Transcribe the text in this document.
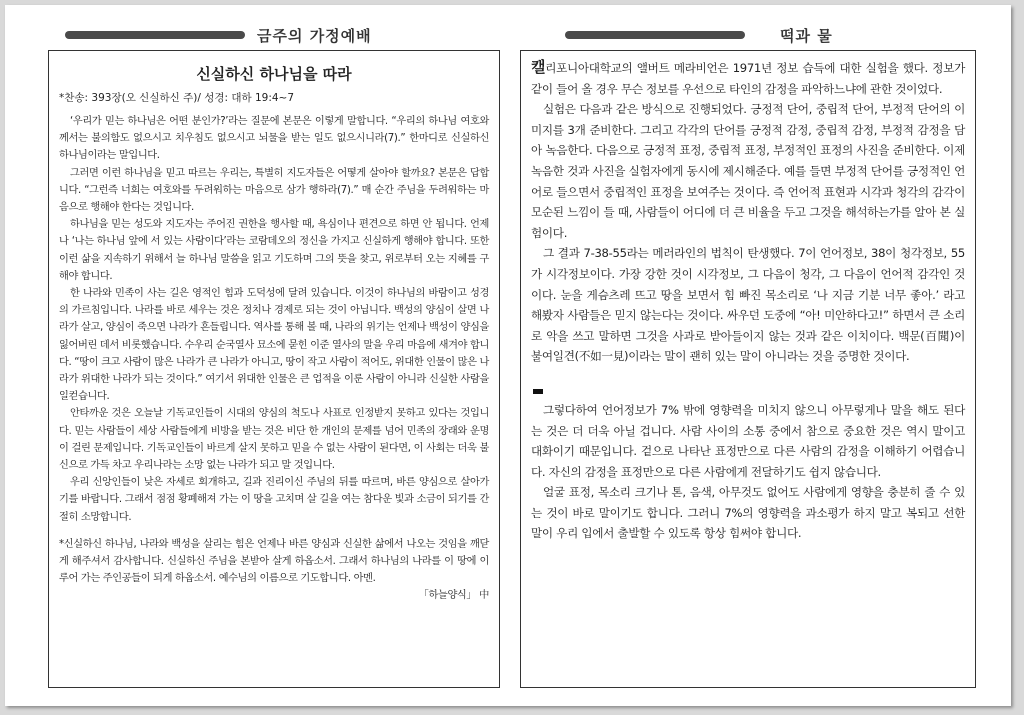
금주의 가정예배	떡과 물
신실하신 하나님을 따라
*찬송: 393장(오 신실하신 주)/ 성경: 대하 19:4~7

‘우리가 믿는 하나님은 어떤 분인가?’라는 질문에 본문은 이렇게 말합니다. “우리의 하나님 여호와께서는 불의함도 없으시고 치우침도 없으시고 뇌물을 받는 일도 없으시니라(7).” 한마디로 신실하신 하나님이라는 말입니다.

그러면 이런 하나님을 믿고 따르는 우리는, 특별히 지도자들은 어떻게 살아야 할까요? 본문은 답합니다. “그런즉 너희는 여호와를 두려워하는 마음으로 삼가 행하라(7).” 매 순간 주님을 두려워하는 마음으로 행해야 한다는 것입니다.

하나님을 믿는 성도와 지도자는 주어진 권한을 행사할 때, 욕심이나 편견으로 하면 안 됩니다. 언제나 ‘나는 하나님 앞에 서 있는 사람이다’라는 코람데오의 정신을 가지고 신실하게 행해야 합니다. 또한 이런 삶을 지속하기 위해서 늘 하나님 말씀을 읽고 기도하며 그의 뜻을 찾고, 위로부터 오는 지혜를 구해야 합니다.

한 나라와 민족이 사는 길은 영적인 힘과 도덕성에 달려 있습니다. 이것이 하나님의 바람이고 성경의 가르침입니다. 나라를 바로 세우는 것은 정치나 경제로 되는 것이 아닙니다. 백성의 양심이 살면 나라가 살고, 양심이 죽으면 나라가 흔들립니다. 역사를 통해 볼 때, 나라의 위기는 언제나 백성이 양심을 잃어버린 데서 비롯했습니다. 수우리 순국열사 묘소에 묻힌 이준 열사의 말을 우리 마음에 새겨야 합니다. “땅이 크고 사람이 많은 나라가 큰 나라가 아니고, 땅이 작고 사람이 적어도, 위대한 인물이 많은 나라가 위대한 나라가 되는 것이다.” 여기서 위대한 인물은 큰 업적을 이룬 사람이 아니라 신실한 사람을 일컫습니다.

안타까운 것은 오늘날 기독교인들이 시대의 양심의 척도나 사표로 인정받지 못하고 있다는 것입니다. 믿는 사람들이 세상 사람들에게 비방을 받는 것은 비단 한 개인의 문제를 넘어 민족의 장래와 운명이 걸린 문제입니다. 기독교인들이 바르게 살지 못하고 믿을 수 없는 사람이 된다면, 이 사회는 더욱 불신으로 가득 차고 우리나라는 소망 없는 나라가 되고 말 것입니다.

우리 신앙인들이 낮은 자세로 회개하고, 길과 진리이신 주님의 뒤를 따르며, 바른 양심으로 살아가기를 바랍니다. 그래서 점점 황폐해져 가는 이 땅을 고치며 살 길을 여는 참다운 빛과 소금이 되기를 간절히 소망합니다.

*신실하신 하나님, 나라와 백성을 살리는 힘은 언제나 바른 양심과 신실한 삶에서 나오는 것임을 깨닫게 해주셔서 감사합니다. 신실하신 주님을 본받아 살게 하옵소서. 그래서 하나님의 나라를 이 땅에 이루어 가는 주인공들이 되게 하옵소서. 예수님의 이름으로 기도합니다. 아멘.

「하늘양식」 中

캘리포니아대학교의 앨버트 메라비언은 1971년 정보 습득에 대한 실험을 했다. 정보가 같이 들어 올 경우 무슨 정보를 우선으로 타인의 감정을 파악하느냐에 관한 것이었다.

실험은 다음과 같은 방식으로 진행되었다. 긍정적 단어, 중립적 단어, 부정적 단어의 이미지를 3개 준비한다. 그리고 각각의 단어를 긍정적 감정, 중립적 감정, 부정적 감정을 담아 녹음한다. 다음으로 긍정적 표정, 중립적 표정, 부정적인 표정의 사진을 준비한다. 이제 녹음한 것과 사진을 실험자에게 동시에 제시해준다. 예를 들면 부정적 단어를 긍정적인 언어로 들으면서 중립적인 표정을 보여주는 것이다. 즉 언어적 표현과 시각과 청각의 감각이 모순된 느낌이 들 때, 사람들이 어디에 더 큰 비율을 두고 그것을 해석하는가를 알아 본 실험이다.

그 결과 7-38-55라는 메러라인의 법칙이 탄생했다. 7이 언어정보, 38이 청각정보, 55가 시각정보이다. 가장 강한 것이 시각정보, 그 다음이 청각, 그 다음이 언어적 감각인 것이다. 눈을 게슴츠레 뜨고 땅을 보면서 힘 빠진 목소리로 ‘나 지금 기분 너무 좋아.’ 라고 해봤자 사람들은 믿지 않는다는 것이다. 싸우던 도중에 “아! 미안하다고!” 하면서 큰 소리로 악을 쓰고 말하면 그것을 사과로 받아들이지 않는 것과 같은 이치이다. 백문(百聞)이 불여일견(不如一見)이라는 말이 괜히 있는 말이 아니라는 것을 증명한 것이다.

그렇다하여 언어정보가 7% 밖에 영향력을 미치지 않으니 아무렇게나 말을 해도 된다는 것은 더 더욱 아닐 겁니다. 사람 사이의 소통 중에서 참으로 중요한 것은 역시 말이고 대화이기 때문입니다. 겉으로 나타난 표정만으로 다른 사람의 감정을 이해하기 어렵습니다. 자신의 감정을 표정만으로 다른 사람에게 전달하기도 쉽지 않습니다.

얼굴 표정, 목소리 크기나 톤, 음색, 아무것도 없어도 사람에게 영향을 충분히 줄 수 있는 것이 바로 말이기도 합니다. 그러니 7%의 영향력을 과소평가 하지 말고 복되고 선한 말이 우리 입에서 출발할 수 있도록 항상 힘써야 합니다.
